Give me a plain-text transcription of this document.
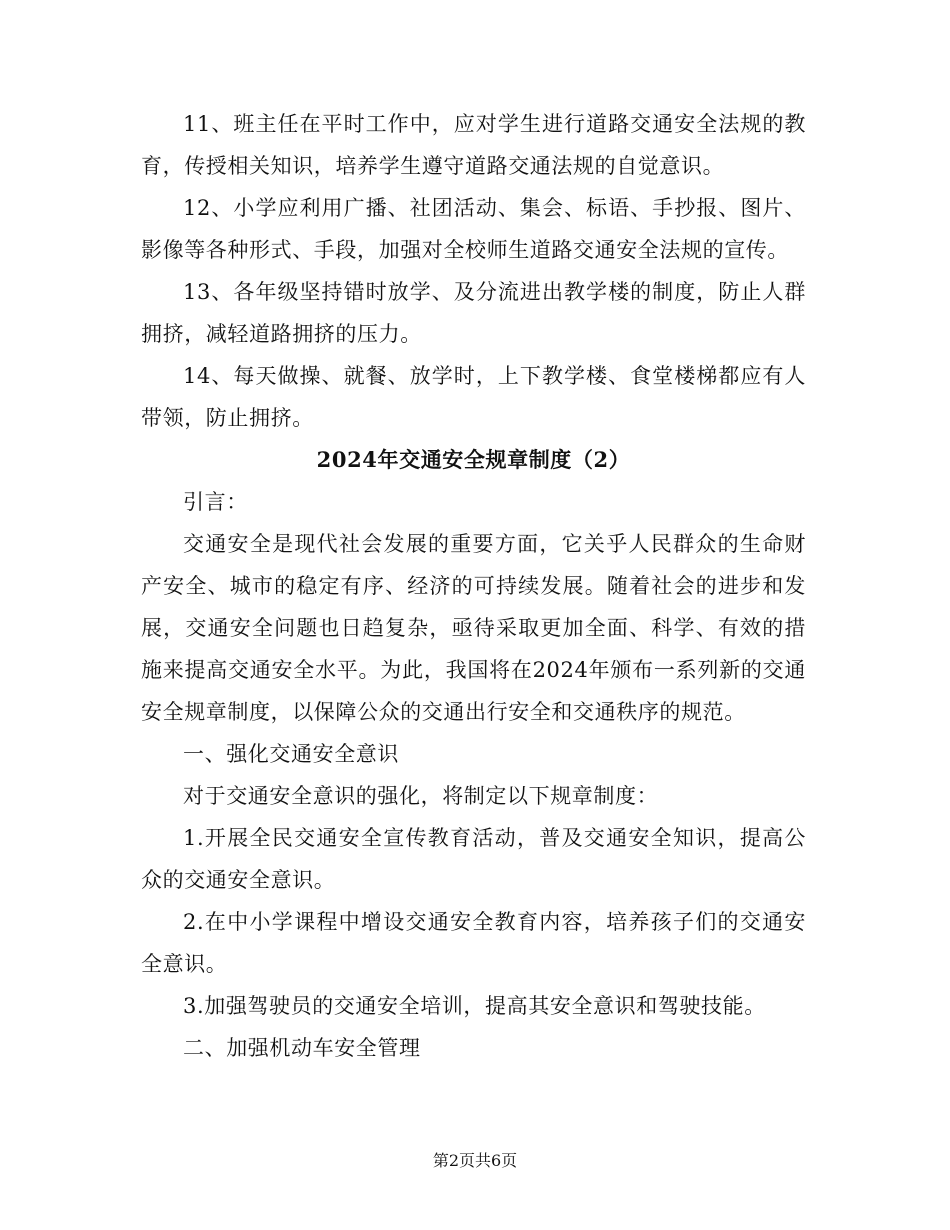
11、班主任在平时工作中，应对学生进行道路交通安全法规的教育，传授相关知识，培养学生遵守道路交通法规的自觉意识。

12、小学应利用广播、社团活动、集会、标语、手抄报、图片、影像等各种形式、手段，加强对全校师生道路交通安全法规的宣传。

13、各年级坚持错时放学、及分流进出教学楼的制度，防止人群拥挤，减轻道路拥挤的压力。

14、每天做操、就餐、放学时，上下教学楼、食堂楼梯都应有人带领，防止拥挤。

2024年交通安全规章制度（2）

引言：

交通安全是现代社会发展的重要方面，它关乎人民群众的生命财产安全、城市的稳定有序、经济的可持续发展。随着社会的进步和发展，交通安全问题也日趋复杂，亟待采取更加全面、科学、有效的措施来提高交通安全水平。为此，我国将在2024年颁布一系列新的交通安全规章制度，以保障公众的交通出行安全和交通秩序的规范。

一、强化交通安全意识

对于交通安全意识的强化，将制定以下规章制度：

1.开展全民交通安全宣传教育活动，普及交通安全知识，提高公众的交通安全意识。

2.在中小学课程中增设交通安全教育内容，培养孩子们的交通安全意识。

3.加强驾驶员的交通安全培训，提高其安全意识和驾驶技能。

二、加强机动车安全管理

第2页共6页
